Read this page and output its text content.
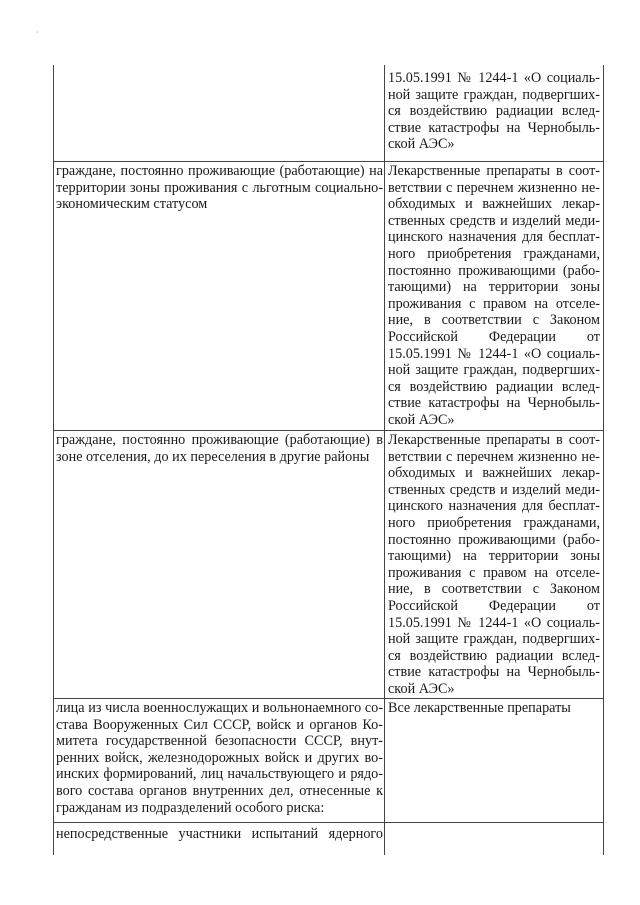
·
15.05.1991 № 1244-1 «О социальной защите граждан, подвергшихся воздействию радиации вследствие катастрофы на Чернобыльской АЭС»
граждане, постоянно проживающие (работающие) на территории зоны проживания с льготным социально-экономическим статусом
Лекарственные препараты в соответствии с перечнем жизненно необходимых и важнейших лекарственных средств и изделий медицинского назначения для бесплатного приобретения гражданами, постоянно проживающими (работающими) на территории зоны проживания с правом на отселение, в соответствии с Законом Российской Федерации от 15.05.1991 № 1244-1 «О социальной защите граждан, подвергшихся воздействию радиации вследствие катастрофы на Чернобыльской АЭС»
граждане, постоянно проживающие (работающие) в зоне отселения, до их переселения в другие районы
Лекарственные препараты в соответствии с перечнем жизненно необходимых и важнейших лекарственных средств и изделий медицинского назначения для бесплатного приобретения гражданами, постоянно проживающими (работающими) на территории зоны проживания с правом на отселение, в соответствии с Законом Российской Федерации от 15.05.1991 № 1244-1 «О социальной защите граждан, подвергшихся воздействию радиации вследствие катастрофы на Чернобыльской АЭС»
лица из числа военнослужащих и вольнонаемного состава Вооруженных Сил СССР, войск и органов Комитета государственной безопасности СССР, внутренних войск, железнодорожных войск и других воинских формирований, лиц начальствующего и рядового состава органов внутренних дел, отнесенные к гражданам из подразделений особого риска:
Все лекарственные препараты
непосредственные участники испытаний ядерного
